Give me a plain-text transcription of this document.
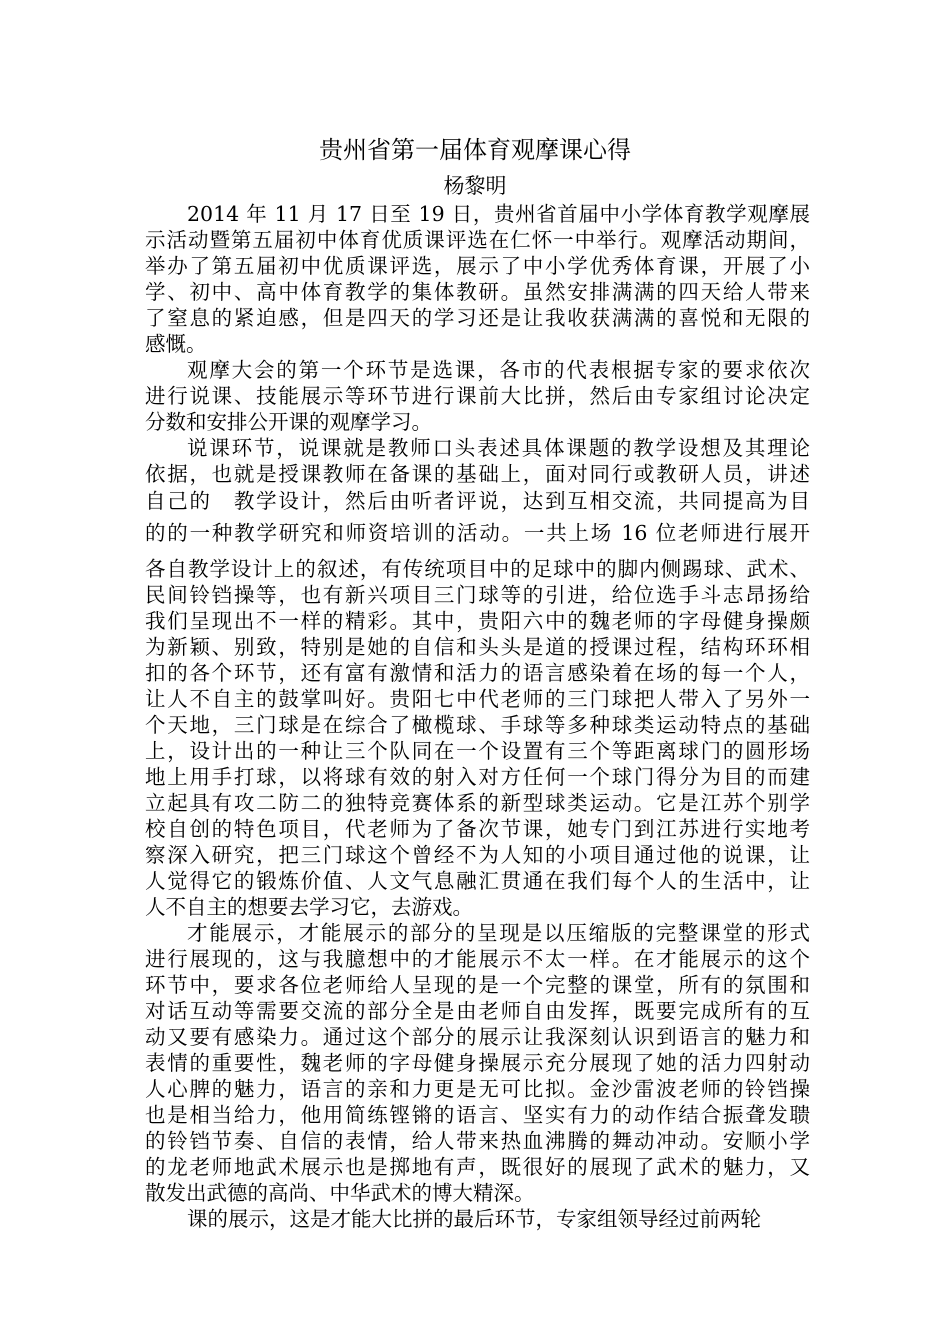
贵州省第一届体育观摩课心得
杨黎明
2014 年 11 月 17 日至 19 日，贵州省首届中小学体育教学观摩展
示活动暨第五届初中体育优质课评选在仁怀一中举行。观摩活动期间，
举办了第五届初中优质课评选，展示了中小学优秀体育课，开展了小
学、初中、高中体育教学的集体教研。虽然安排满满的四天给人带来
了窒息的紧迫感，但是四天的学习还是让我收获满满的喜悦和无限的
感慨。
观摩大会的第一个环节是选课，各市的代表根据专家的要求依次
进行说课、技能展示等环节进行课前大比拼，然后由专家组讨论决定
分数和安排公开课的观摩学习。
说课环节，说课就是教师口头表述具体课题的教学设想及其理论
依据，也就是授课教师在备课的基础上，面对同行或教研人员，讲述
自己的　教学设计，然后由听者评说，达到互相交流，共同提高为目
的的一种教学研究和师资培训的活动。一共上场 16 位老师进行展开
各自教学设计上的叙述，有传统项目中的足球中的脚内侧踢球、武术、
民间铃铛操等，也有新兴项目三门球等的引进，给位选手斗志昂扬给
我们呈现出不一样的精彩。其中，贵阳六中的魏老师的字母健身操颇
为新颖、别致，特别是她的自信和头头是道的授课过程，结构环环相
扣的各个环节，还有富有激情和活力的语言感染着在场的每一个人，
让人不自主的鼓掌叫好。贵阳七中代老师的三门球把人带入了另外一
个天地，三门球是在综合了橄榄球、手球等多种球类运动特点的基础
上，设计出的一种让三个队同在一个设置有三个等距离球门的圆形场
地上用手打球，以将球有效的射入对方任何一个球门得分为目的而建
立起具有攻二防二的独特竞赛体系的新型球类运动。它是江苏个别学
校自创的特色项目，代老师为了备次节课，她专门到江苏进行实地考
察深入研究，把三门球这个曾经不为人知的小项目通过他的说课，让
人觉得它的锻炼价值、人文气息融汇贯通在我们每个人的生活中，让
人不自主的想要去学习它，去游戏。
才能展示，才能展示的部分的呈现是以压缩版的完整课堂的形式
进行展现的，这与我臆想中的才能展示不太一样。在才能展示的这个
环节中，要求各位老师给人呈现的是一个完整的课堂，所有的氛围和
对话互动等需要交流的部分全是由老师自由发挥，既要完成所有的互
动又要有感染力。通过这个部分的展示让我深刻认识到语言的魅力和
表情的重要性，魏老师的字母健身操展示充分展现了她的活力四射动
人心脾的魅力，语言的亲和力更是无可比拟。金沙雷波老师的铃铛操
也是相当给力，他用简练铿锵的语言、坚实有力的动作结合振聋发聩
的铃铛节奏、自信的表情，给人带来热血沸腾的舞动冲动。安顺小学
的龙老师地武术展示也是掷地有声，既很好的展现了武术的魅力，又
散发出武德的高尚、中华武术的博大精深。
课的展示，这是才能大比拼的最后环节，专家组领导经过前两轮
